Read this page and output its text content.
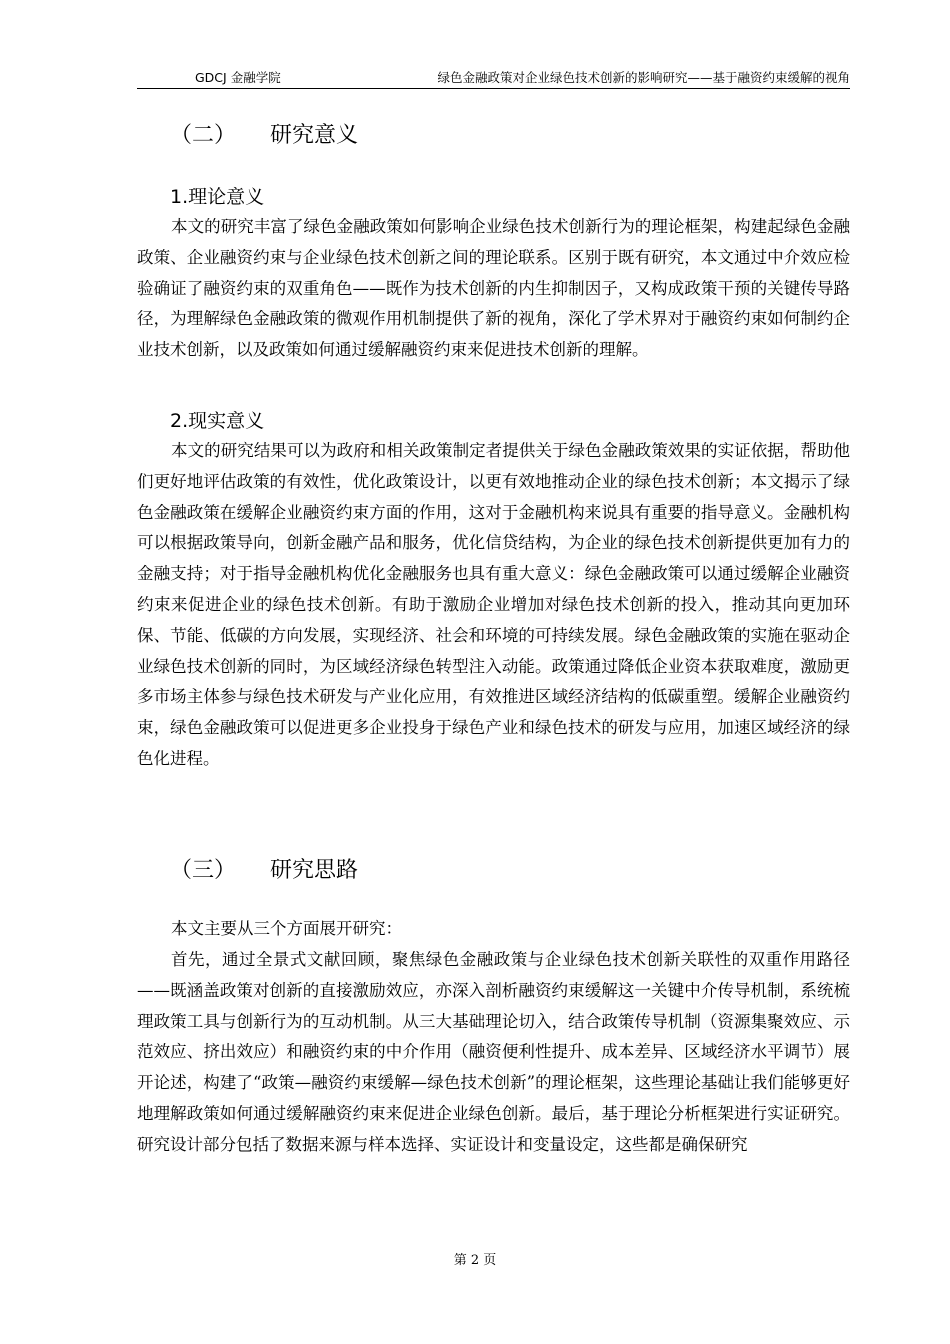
GDCJ 金融学院	绿色金融政策对企业绿色技术创新的影响研究——基于融资约束缓解的视角
（二） 研究意义
1.理论意义

本文的研究丰富了绿色金融政策如何影响企业绿色技术创新行为的理论框架，构建起绿色金融政策、企业融资约束与企业绿色技术创新之间的理论联系。区别于既有研究，本文通过中介效应检验确证了融资约束的双重角色——既作为技术创新的内生抑制因子，又构成政策干预的关键传导路径，为理解绿色金融政策的微观作用机制提供了新的视角，深化了学术界对于融资约束如何制约企业技术创新，以及政策如何通过缓解融资约束来促进技术创新的理解。

2.现实意义

本文的研究结果可以为政府和相关政策制定者提供关于绿色金融政策效果的实证依据，帮助他们更好地评估政策的有效性，优化政策设计，以更有效地推动企业的绿色技术创新；本文揭示了绿色金融政策在缓解企业融资约束方面的作用，这对于金融机构来说具有重要的指导意义。金融机构可以根据政策导向，创新金融产品和服务，优化信贷结构，为企业的绿色技术创新提供更加有力的金融支持；对于指导金融机构优化金融服务也具有重大意义：绿色金融政策可以通过缓解企业融资约束来促进企业的绿色技术创新。有助于激励企业增加对绿色技术创新的投入，推动其向更加环保、节能、低碳的方向发展，实现经济、社会和环境的可持续发展。绿色金融政策的实施在驱动企业绿色技术创新的同时，为区域经济绿色转型注入动能。政策通过降低企业资本获取难度，激励更多市场主体参与绿色技术研发与产业化应用，有效推进区域经济结构的低碳重塑。缓解企业融资约束，绿色金融政策可以促进更多企业投身于绿色产业和绿色技术的研发与应用，加速区域经济的绿色化进程。

（三） 研究思路

本文主要从三个方面展开研究：

首先，通过全景式文献回顾，聚焦绿色金融政策与企业绿色技术创新关联性的双重作用路径——既涵盖政策对创新的直接激励效应，亦深入剖析融资约束缓解这一关键中介传导机制，系统梳理政策工具与创新行为的互动机制。从三大基础理论切入，结合政策传导机制（资源集聚效应、示范效应、挤出效应）和融资约束的中介作用（融资便利性提升、成本差异、区域经济水平调节）展开论述，构建了“政策—融资约束缓解—绿色技术创新”的理论框架，这些理论基础让我们能够更好地理解政策如何通过缓解融资约束来促进企业绿色创新。最后，基于理论分析框架进行实证研究。研究设计部分包括了数据来源与样本选择、实证设计和变量设定，这些都是确保研究

第 2 页
